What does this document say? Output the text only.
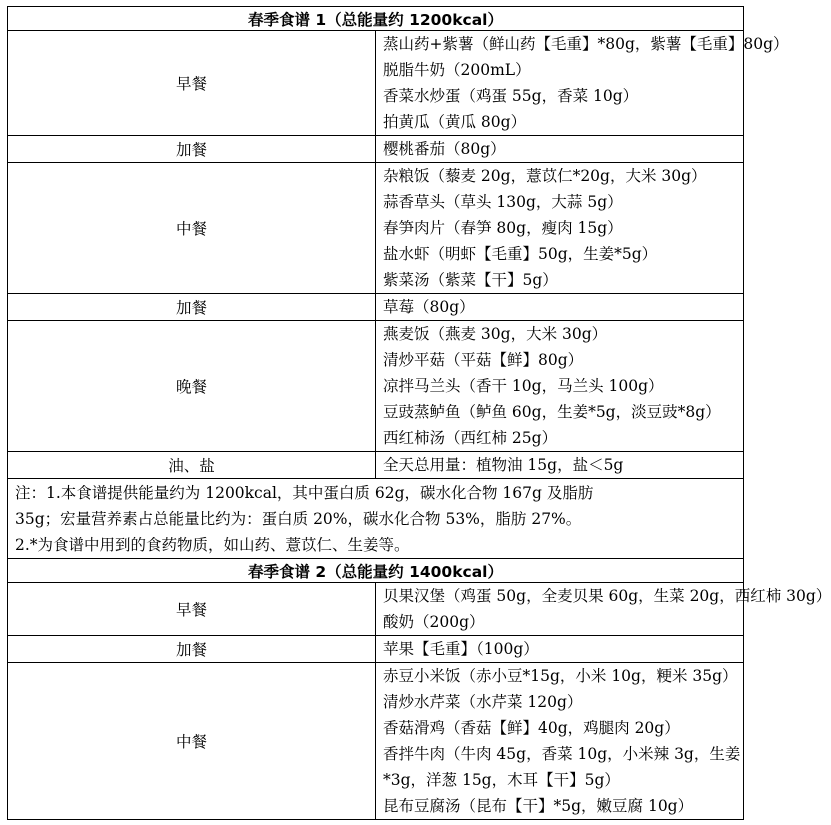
春季食谱 1（总能量约 1200kcal）	
早餐	蒸山药+紫薯（鲜山药【毛重】*80g，紫薯【毛重】80g）
脱脂牛奶（200mL）
香菜水炒蛋（鸡蛋 55g，香菜 10g）
拍黄瓜（黄瓜 80g）

加餐	樱桃番茄（80g）

中餐	杂粮饭（藜麦 20g，薏苡仁*20g，大米 30g）
蒜香草头（草头 130g，大蒜 5g）
春笋肉片（春笋 80g，瘦肉 15g）
盐水虾（明虾【毛重】50g，生姜*5g）
紫菜汤（紫菜【干】5g）

加餐	草莓（80g）

晚餐	燕麦饭（燕麦 30g，大米 30g）
清炒平菇（平菇【鲜】80g）
凉拌马兰头（香干 10g，马兰头 100g）
豆豉蒸鲈鱼（鲈鱼 60g，生姜*5g，淡豆豉*8g）
西红柿汤（西红柿 25g）

油、盐	全天总用量：植物油 15g，盐＜5g

注：1.本食谱提供能量约为 1200kcal，其中蛋白质 62g，碳水化合物 167g 及脂肪
35g；宏量营养素占总能量比约为：蛋白质 20%，碳水化合物 53%，脂肪 27%。
2.*为食谱中用到的食药物质，如山药、薏苡仁、生姜等。	

春季食谱 2（总能量约 1400kcal）	
早餐	贝果汉堡（鸡蛋 50g，全麦贝果 60g，生菜 20g，西红柿 30g）
酸奶（200g）

加餐	苹果【毛重】（100g）

中餐	赤豆小米饭（赤小豆*15g，小米 10g，粳米 35g）
清炒水芹菜（水芹菜 120g）
香菇滑鸡（香菇【鲜】40g，鸡腿肉 20g）
香拌牛肉（牛肉 45g，香菜 10g，小米辣 3g，生姜*3g，洋葱 15g，木耳【干】5g）
昆布豆腐汤（昆布【干】*5g，嫩豆腐 10g）
